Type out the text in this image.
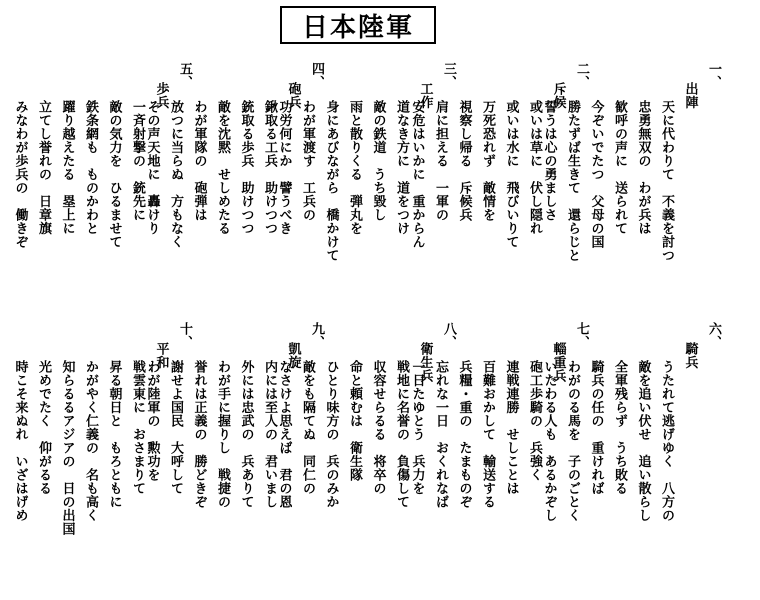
日本陸軍
一、
出陣
天に代わりて　不義を討つ
忠勇無双の　わが兵は
歓呼の声に　送られて
今ぞいでたつ　父母の国
勝たずば生きて　還らじと
誓うは心の勇ましさ
二、
斥候
或いは草に　伏し隠れ
或いは水に　飛びいりて
万死恐れず　敵情を
視察し帰る　斥候兵
肩に担える　一軍の
安危はいかに　重からん
三、
工作
道なき方に　道をつけ
敵の鉄道　うち毀し
雨と散りくる　弾丸を
身にあびながら　橋かけて
わが軍渡す　工兵の
功労何にか　譬うべき
四、
砲兵
鍬取る工兵　助けつつ
銃取る歩兵　助けつつ
敵を沈黙　せしめたる
わが軍隊の　砲弾は
放つに当らぬ　方もなく
その声天地に　轟けり
五、
歩兵
一斉射撃の　銃先に
敵の気力を　ひるませて
鉄条網も　ものかわと
躍り越えたる　塁上に
立てし誉れの　日章旗
みなわが歩兵の　働きぞ
六、
騎兵
うたれて逃げゆく　八方の
敵を追い伏せ　追い散らし
全軍残らず　うち敗る
騎兵の任の　重ければ
わがのる馬を　子のごとく
いたわる人も　あるかぞし
七、
輜重兵
砲工歩騎の　兵強く
連戦連勝　せしことは
百難おかして　輸送する
兵糧・重の　たまものぞ
忘れな一日　おくれなば
一日たゆとう　兵力を
八、
衛生兵
戦地に名誉の　負傷して
収容せらるる　将卒の
命と頼むは　衛生隊
ひとり味方の　兵のみか
敵をも隔てぬ　同仁の
なさけよ思えば　君の恩
九、
凱旋
内には至人の　君いまし
外には忠武の　兵ありて
わが手に握りし　戦捷の
誉れは正義の　勝どきぞ
謝せよ国民　大呼して
わが陸軍の　勲功を
十、
平和
戦雲東に　おさまりて
昇る朝日と　もろともに
かがやく仁義の　名も高く
知らるるアジアの　日の出国
光めでたく　仰がるる
時こそ来ぬれ　いざはげめ
